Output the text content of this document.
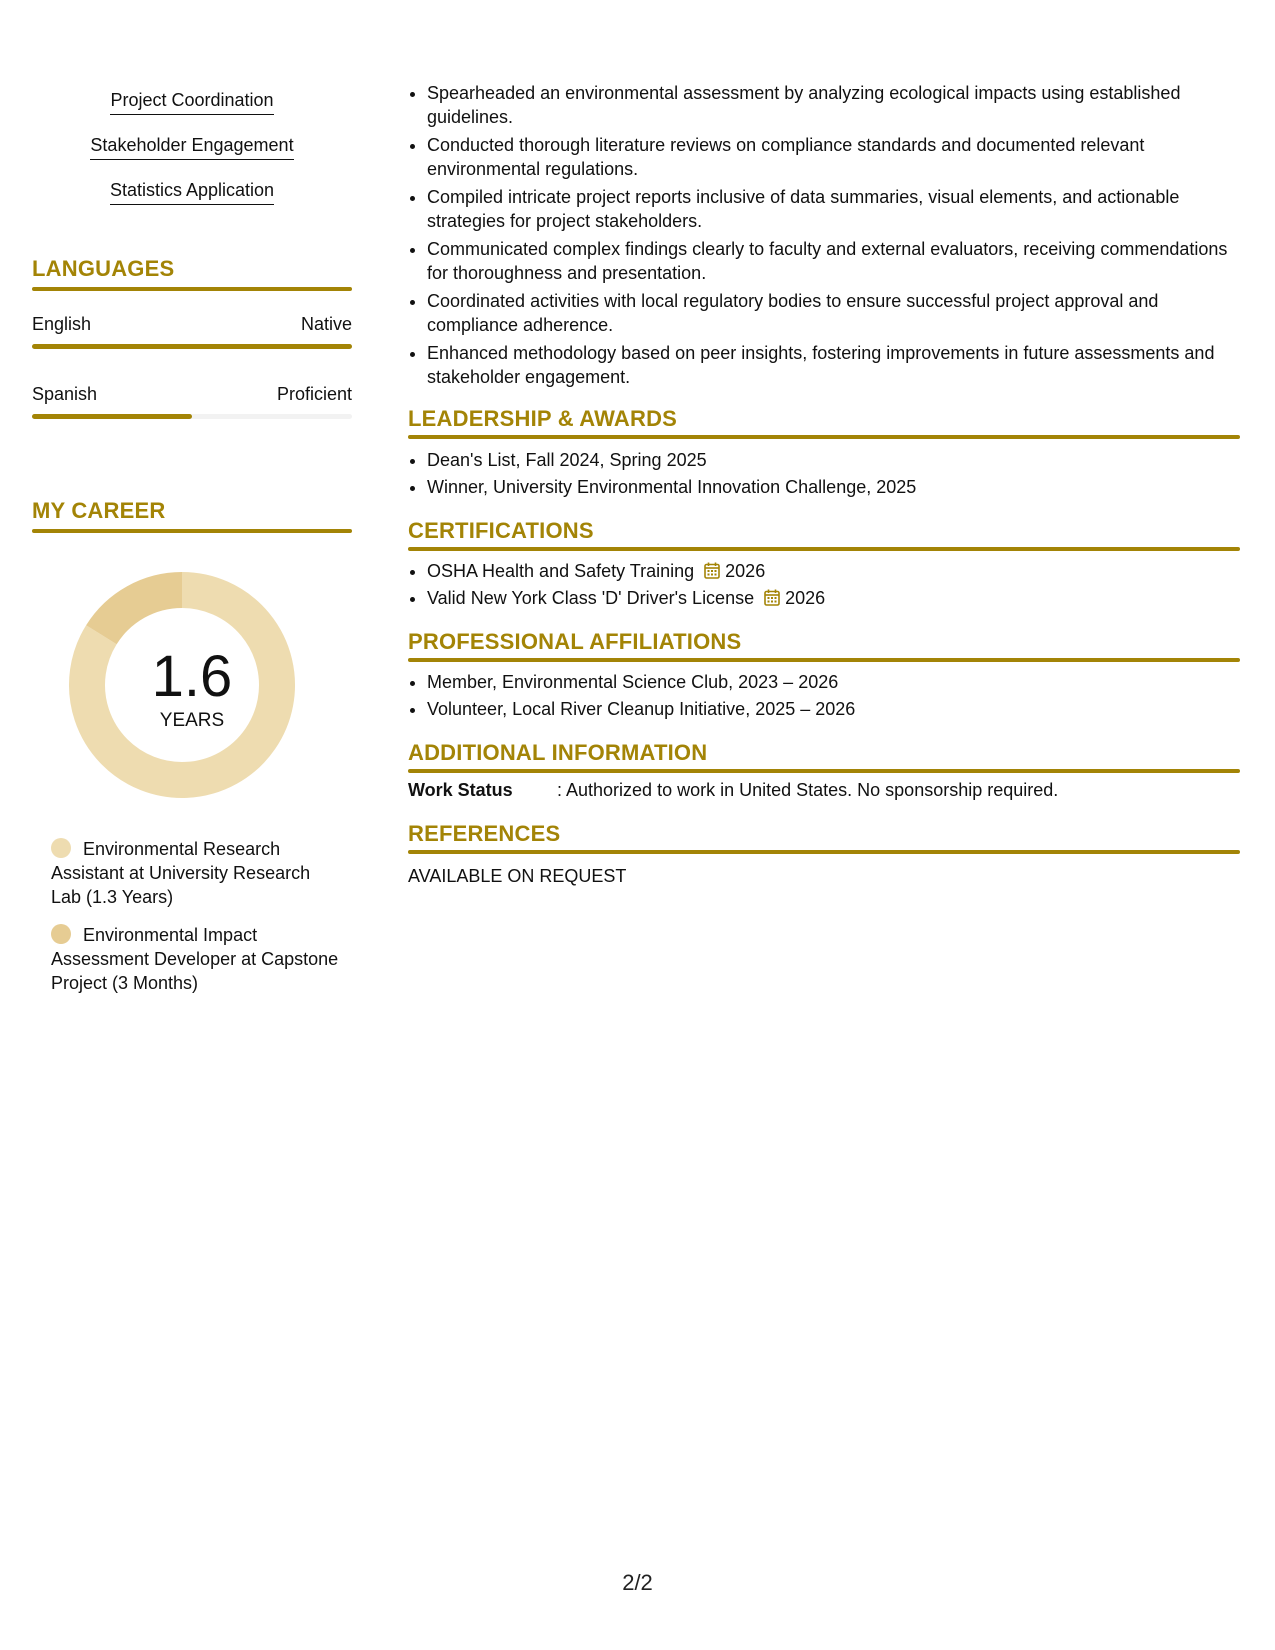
Project Coordination
Stakeholder Engagement
Statistics Application
LANGUAGES
English	Native
Spanish	Proficient
MY CAREER
1.6
YEARS
Environmental Research Assistant at University Research Lab (1.3 Years)
Environmental Impact Assessment Developer at Capstone Project (3 Months)
• Spearheaded an environmental assessment by analyzing ecological impacts using established guidelines.
• Conducted thorough literature reviews on compliance standards and documented relevant environmental regulations.
• Compiled intricate project reports inclusive of data summaries, visual elements, and actionable strategies for project stakeholders.
• Communicated complex findings clearly to faculty and external evaluators, receiving commendations for thoroughness and presentation.
• Coordinated activities with local regulatory bodies to ensure successful project approval and compliance adherence.
• Enhanced methodology based on peer insights, fostering improvements in future assessments and stakeholder engagement.
LEADERSHIP & AWARDS
• Dean's List, Fall 2024, Spring 2025
• Winner, University Environmental Innovation Challenge, 2025
CERTIFICATIONS
• OSHA Health and Safety Training 2026
• Valid New York Class 'D' Driver's License 2026
PROFESSIONAL AFFILIATIONS
• Member, Environmental Science Club, 2023 – 2026
• Volunteer, Local River Cleanup Initiative, 2025 – 2026
ADDITIONAL INFORMATION
Work Status : Authorized to work in United States. No sponsorship required.
REFERENCES
AVAILABLE ON REQUEST
2/2
